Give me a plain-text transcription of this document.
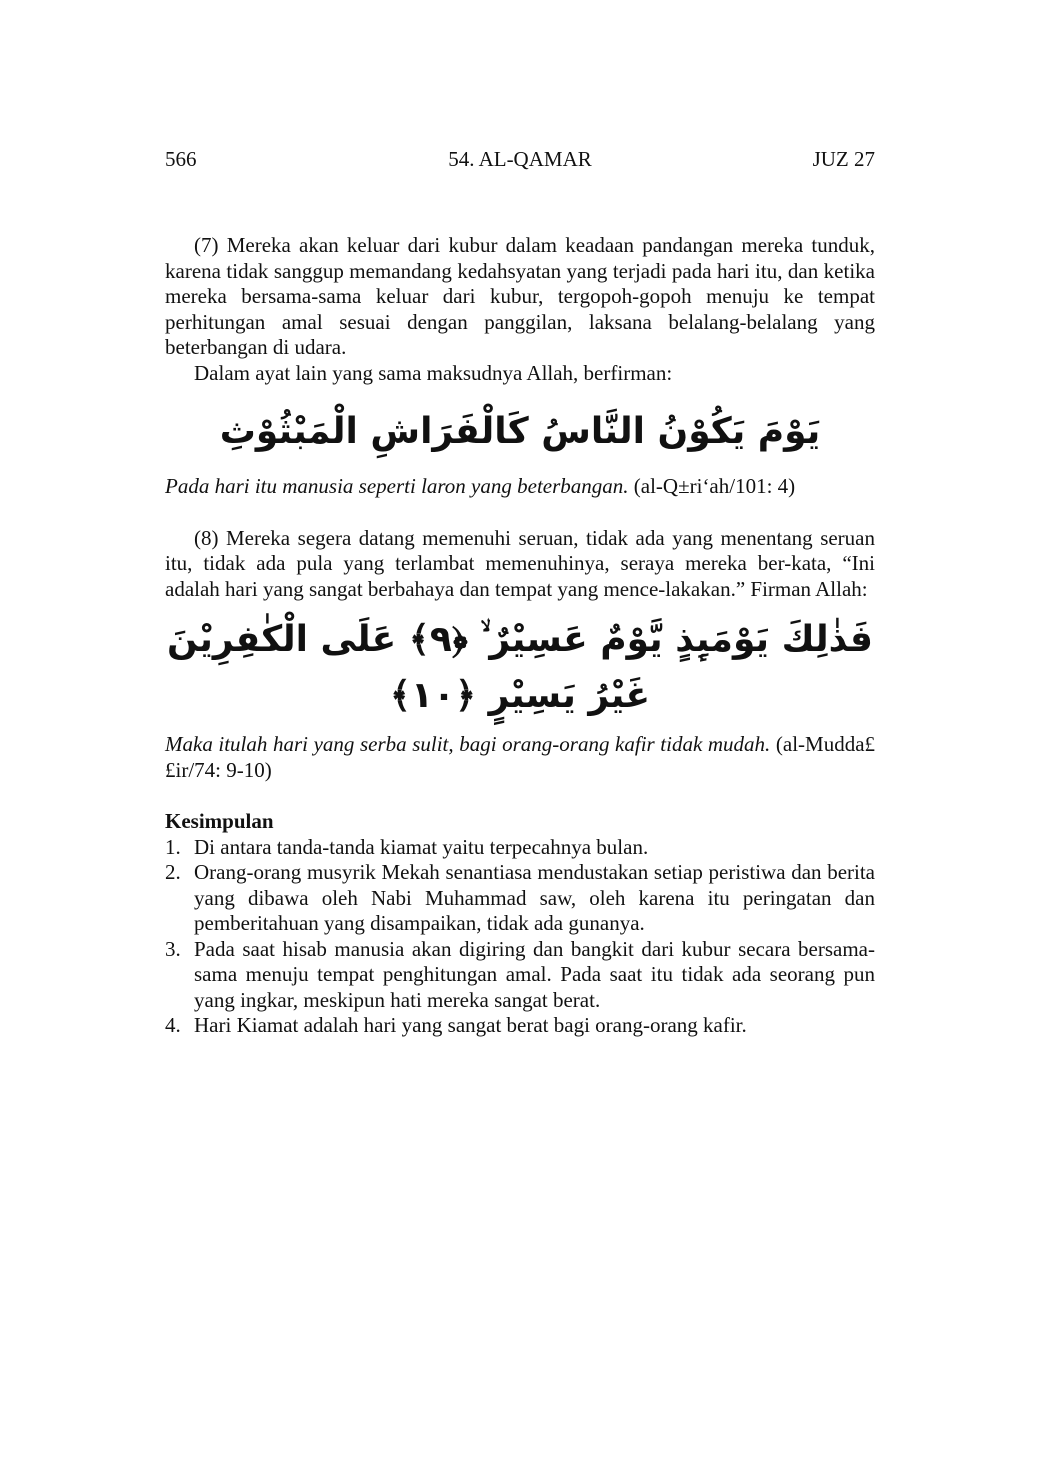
566	54. AL-QAMAR	JUZ 27

(7) Mereka akan keluar dari kubur dalam keadaan pandangan mereka tunduk, karena tidak sanggup memandang kedahsyatan yang terjadi pada hari itu, dan ketika mereka bersama-sama keluar dari kubur, tergopoh-gopoh menuju ke tempat perhitungan amal sesuai dengan panggilan, laksana belalang-belalang yang beterbangan di udara.

Dalam ayat lain yang sama maksudnya Allah, berfirman:

يَوْمَ يَكُوْنُ النَّاسُ كَالْفَرَاشِ الْمَبْثُوْثِ

Pada hari itu manusia seperti laron yang beterbangan. (al-Q±ri‘ah/101: 4)

(8) Mereka segera datang memenuhi seruan, tidak ada yang menentang seruan itu, tidak ada pula yang terlambat memenuhinya, seraya mereka ber-kata, “Ini adalah hari yang sangat berbahaya dan tempat yang mence-lakakan.” Firman Allah:

فَذٰلِكَ يَوْمَىِٕذٍ يَّوْمٌ عَسِيْرٌ ۙ ﴿٩﴾ عَلَى الْكٰفِرِيْنَ غَيْرُ يَسِيْرٍ ﴿١٠﴾

Maka itulah hari yang serba sulit, bagi orang-orang kafir tidak mudah. (al-Mudda££ir/74: 9-10)

Kesimpulan
1. Di antara tanda-tanda kiamat yaitu terpecahnya bulan.
2. Orang-orang musyrik Mekah senantiasa mendustakan setiap peristiwa dan berita yang dibawa oleh Nabi Muhammad saw, oleh karena itu peringatan dan pemberitahuan yang disampaikan, tidak ada gunanya.
3. Pada saat hisab manusia akan digiring dan bangkit dari kubur secara bersama-sama menuju tempat penghitungan amal. Pada saat itu tidak ada seorang pun yang ingkar, meskipun hati mereka sangat berat.
4. Hari Kiamat adalah hari yang sangat berat bagi orang-orang kafir.
